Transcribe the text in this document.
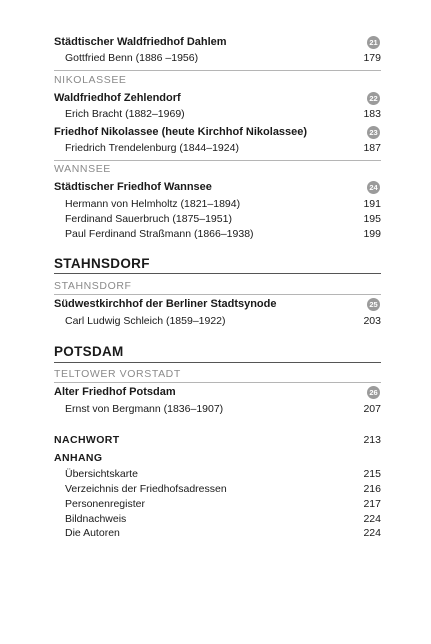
Städtischer Waldfriedhof Dahlem	21
Gottfried Benn (1886 –1956)	179
NIKOLASSEE
Waldfriedhof Zehlendorf	22
Erich Bracht (1882–1969)	183
Friedhof Nikolassee (heute Kirchhof Nikolassee)	23
Friedrich Trendelenburg (1844–1924)	187
WANNSEE
Städtischer Friedhof Wannsee	24
Hermann von Helmholtz (1821–1894)	191
Ferdinand Sauerbruch (1875–1951)	195
Paul Ferdinand Straßmann (1866–1938)	199
STAHNSDORF
STAHNSDORF
Südwestkirchhof der Berliner Stadtsynode	25
Carl Ludwig Schleich (1859–1922)	203
POTSDAM
TELTOWER VORSTADT
Alter Friedhof Potsdam	26
Ernst von Bergmann (1836–1907)	207
NACHWORT	213
ANHANG
Übersichtskarte	215
Verzeichnis der Friedhofsadressen	216
Personenregister	217
Bildnachweis	224
Die Autoren	224
